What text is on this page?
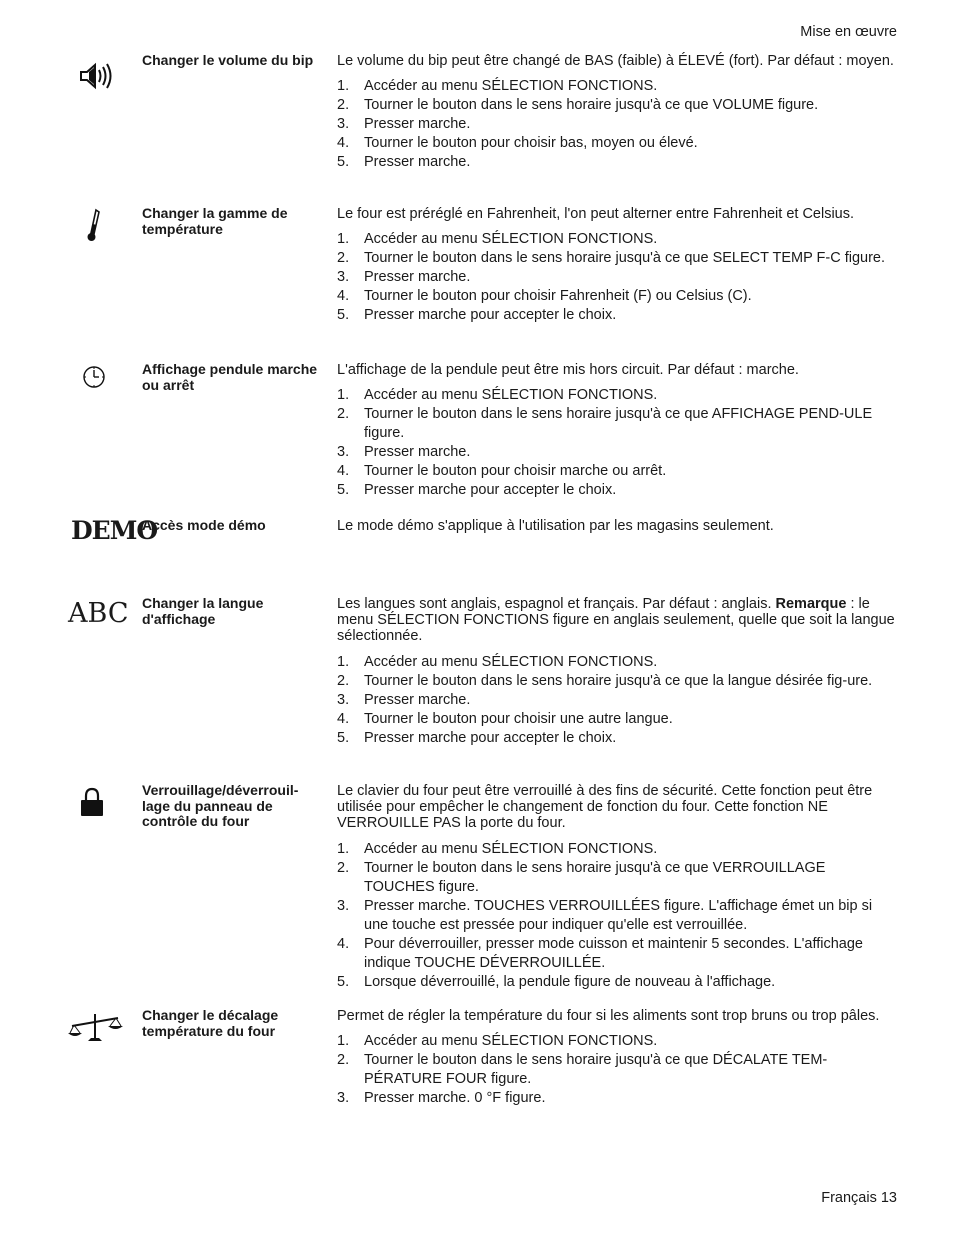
Mise en œuvre
Changer le volume du bip	Le volume du bip peut être changé de BAS (faible) à ÉLEVÉ (fort). Par défaut : moyen.

1. Accéder au menu SÉLECTION FONCTIONS.
2. Tourner le bouton dans le sens horaire jusqu'à ce que VOLUME figure.
3. Presser marche.
4. Tourner le bouton pour choisir bas, moyen ou élevé.
5. Presser marche.
Changer la gamme de température

Le four est préréglé en Fahrenheit, l'on peut alterner entre Fahrenheit et Celsius.

1. Accéder au menu SÉLECTION FONCTIONS.
2. Tourner le bouton dans le sens horaire jusqu'à ce que SELECT TEMP F-C figure.
3. Presser marche.
4. Tourner le bouton pour choisir Fahrenheit (F) ou Celsius (C).
5. Presser marche pour accepter le choix.
Affichage pendule marche ou arrêt

L'affichage de la pendule peut être mis hors circuit. Par défaut : marche.

1. Accéder au menu SÉLECTION FONCTIONS.
2. Tourner le bouton dans le sens horaire jusqu'à ce que AFFICHAGE PEND-ULE figure.
3. Presser marche.
4. Tourner le bouton pour choisir marche ou arrêt.
5. Presser marche pour accepter le choix.
DEMO
Accès mode démo	Le mode démo s'applique à l'utilisation par les magasins seulement.

ABC Changer la langue d'affichage

Les langues sont anglais, espagnol et français. Par défaut : anglais. Remarque : le menu SÉLECTION FONCTIONS figure en anglais seulement, quelle que soit la langue sélectionnée.

1. Accéder au menu SÉLECTION FONCTIONS.
2. Tourner le bouton dans le sens horaire jusqu'à ce que la langue désirée fig-ure.
3. Presser marche.
4. Tourner le bouton pour choisir une autre langue.
5. Presser marche pour accepter le choix.
Verrouillage/déverrouil-lage du panneau de contrôle du four

Le clavier du four peut être verrouillé à des fins de sécurité. Cette fonction peut être utilisée pour empêcher le changement de fonction du four. Cette fonction NE VERROUILLE PAS la porte du four.

1. Accéder au menu SÉLECTION FONCTIONS.
2. Tourner le bouton dans le sens horaire jusqu'à ce que VERROUILLAGE TOUCHES figure.
3. Presser marche. TOUCHES VERROUILLÉES figure. L'affichage émet un bip si une touche est pressée pour indiquer qu'elle est verrouillée.
4. Pour déverrouiller, presser mode cuisson et maintenir 5 secondes. L'affichage indique TOUCHE DÉVERROUILLÉE.
5. Lorsque déverrouillé, la pendule figure de nouveau à l'affichage.
Changer le décalage température du four

Permet de régler la température du four si les aliments sont trop bruns ou trop pâles.

1. Accéder au menu SÉLECTION FONCTIONS.
2. Tourner le bouton dans le sens horaire jusqu'à ce que DÉCALATE TEM-PÉRATURE FOUR figure.
3. Presser marche. 0 °F figure.
Français 13
